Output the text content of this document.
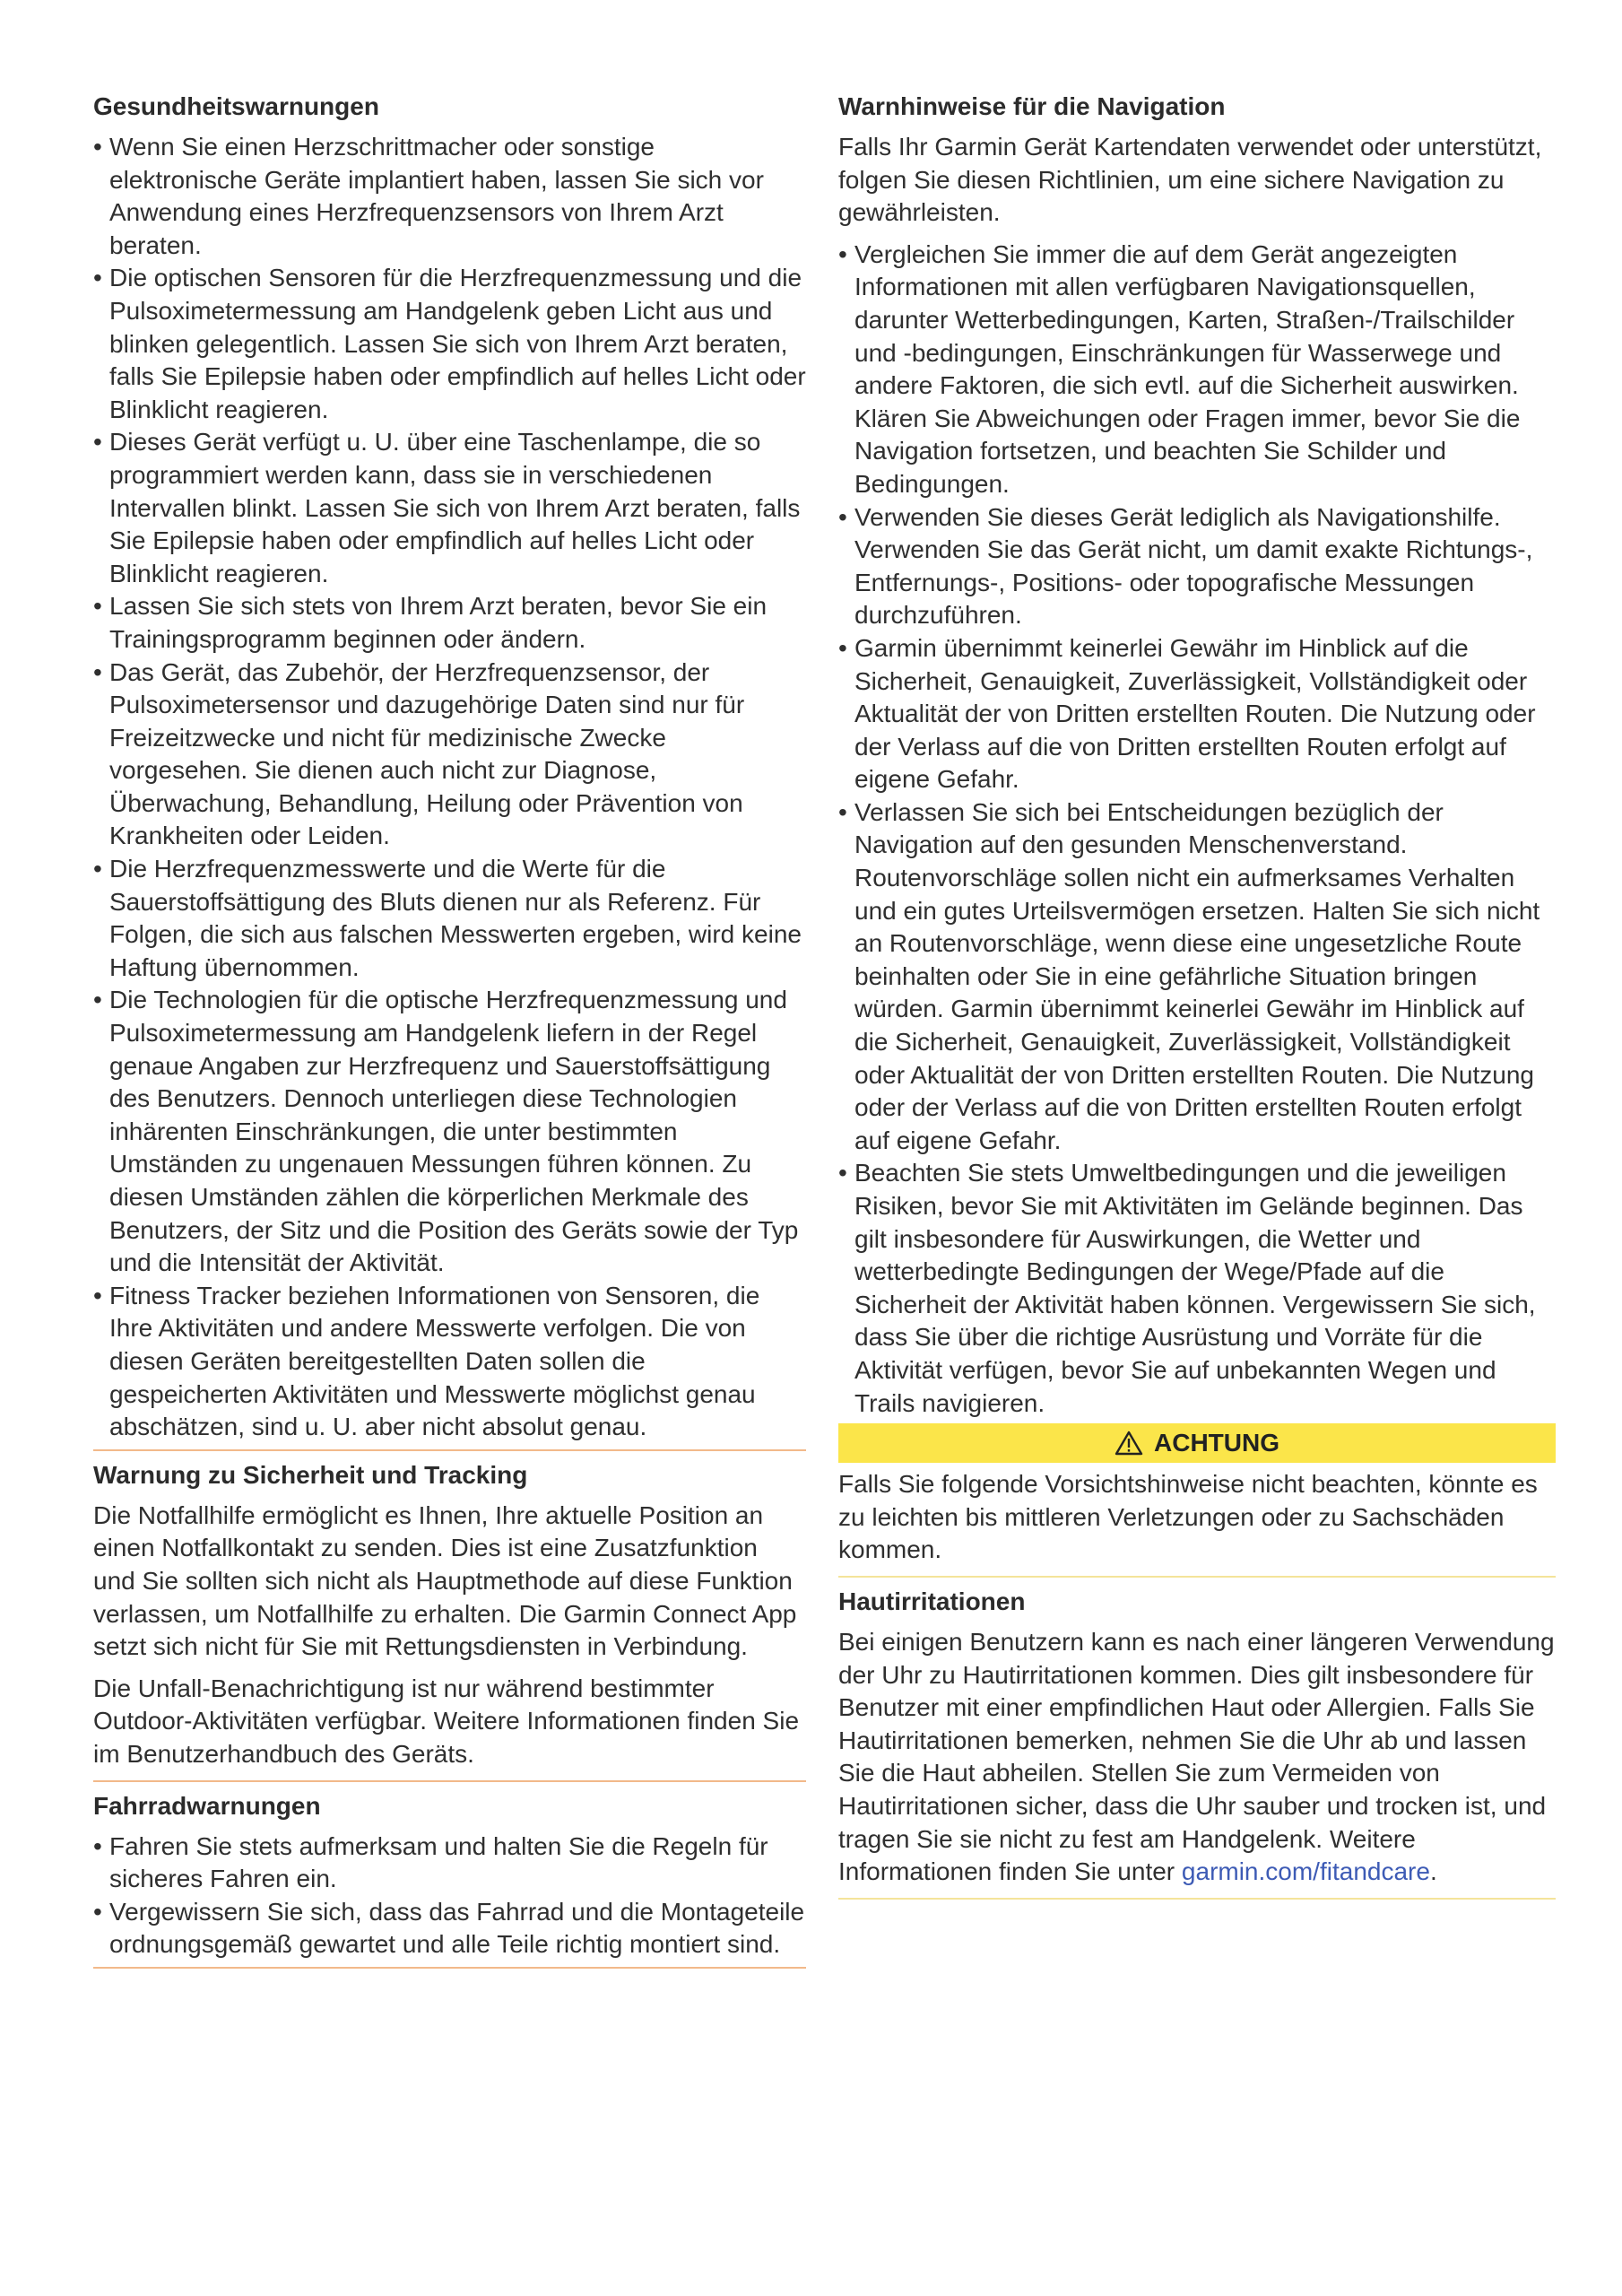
Gesundheitswarnungen
• Wenn Sie einen Herzschrittmacher oder sonstige elektronische Geräte implantiert haben, lassen Sie sich vor Anwendung eines Herzfrequenzsensors von Ihrem Arzt beraten.
• Die optischen Sensoren für die Herzfrequenzmessung und die Pulsoximetermessung am Handgelenk geben Licht aus und blinken gelegentlich. Lassen Sie sich von Ihrem Arzt beraten, falls Sie Epilepsie haben oder empfindlich auf helles Licht oder Blinklicht reagieren.
• Dieses Gerät verfügt u. U. über eine Taschenlampe, die so programmiert werden kann, dass sie in verschiedenen Intervallen blinkt. Lassen Sie sich von Ihrem Arzt beraten, falls Sie Epilepsie haben oder empfindlich auf helles Licht oder Blinklicht reagieren.
• Lassen Sie sich stets von Ihrem Arzt beraten, bevor Sie ein Trainingsprogramm beginnen oder ändern.
• Das Gerät, das Zubehör, der Herzfrequenzsensor, der Pulsoximetersensor und dazugehörige Daten sind nur für Freizeitzwecke und nicht für medizinische Zwecke vorgesehen. Sie dienen auch nicht zur Diagnose, Überwachung, Behandlung, Heilung oder Prävention von Krankheiten oder Leiden.
• Die Herzfrequenzmesswerte und die Werte für die Sauerstoffsättigung des Bluts dienen nur als Referenz. Für Folgen, die sich aus falschen Messwerten ergeben, wird keine Haftung übernommen.
• Die Technologien für die optische Herzfrequenzmessung und Pulsoximetermessung am Handgelenk liefern in der Regel genaue Angaben zur Herzfrequenz und Sauerstoffsättigung des Benutzers. Dennoch unterliegen diese Technologien inhärenten Einschränkungen, die unter bestimmten Umständen zu ungenauen Messungen führen können. Zu diesen Umständen zählen die körperlichen Merkmale des Benutzers, der Sitz und die Position des Geräts sowie der Typ und die Intensität der Aktivität.
• Fitness Tracker beziehen Informationen von Sensoren, die Ihre Aktivitäten und andere Messwerte verfolgen. Die von diesen Geräten bereitgestellten Daten sollen die gespeicherten Aktivitäten und Messwerte möglichst genau abschätzen, sind u. U. aber nicht absolut genau.
Warnung zu Sicherheit und Tracking

Die Notfallhilfe ermöglicht es Ihnen, Ihre aktuelle Position an einen Notfallkontakt zu senden. Dies ist eine Zusatzfunktion und Sie sollten sich nicht als Hauptmethode auf diese Funktion verlassen, um Notfallhilfe zu erhalten. Die Garmin Connect App setzt sich nicht für Sie mit Rettungsdiensten in Verbindung.

Die Unfall-Benachrichtigung ist nur während bestimmter Outdoor-Aktivitäten verfügbar. Weitere Informationen finden Sie im Benutzerhandbuch des Geräts.

Fahrradwarnungen
• Fahren Sie stets aufmerksam und halten Sie die Regeln für sicheres Fahren ein.
• Vergewissern Sie sich, dass das Fahrrad und die Montageteile ordnungsgemäß gewartet und alle Teile richtig montiert sind.
Warnhinweise für die Navigation

Falls Ihr Garmin Gerät Kartendaten verwendet oder unterstützt, folgen Sie diesen Richtlinien, um eine sichere Navigation zu gewährleisten.

• Vergleichen Sie immer die auf dem Gerät angezeigten Informationen mit allen verfügbaren Navigationsquellen, darunter Wetterbedingungen, Karten, Straßen-/Trailschilder und -bedingungen, Einschränkungen für Wasserwege und andere Faktoren, die sich evtl. auf die Sicherheit auswirken. Klären Sie Abweichungen oder Fragen immer, bevor Sie die Navigation fortsetzen, und beachten Sie Schilder und Bedingungen.
• Verwenden Sie dieses Gerät lediglich als Navigationshilfe. Verwenden Sie das Gerät nicht, um damit exakte Richtungs-, Entfernungs-, Positions- oder topografische Messungen durchzuführen.
• Garmin übernimmt keinerlei Gewähr im Hinblick auf die Sicherheit, Genauigkeit, Zuverlässigkeit, Vollständigkeit oder Aktualität der von Dritten erstellten Routen. Die Nutzung oder der Verlass auf die von Dritten erstellten Routen erfolgt auf eigene Gefahr.
• Verlassen Sie sich bei Entscheidungen bezüglich der Navigation auf den gesunden Menschenverstand. Routenvorschläge sollen nicht ein aufmerksames Verhalten und ein gutes Urteilsvermögen ersetzen. Halten Sie sich nicht an Routenvorschläge, wenn diese eine ungesetzliche Route beinhalten oder Sie in eine gefährliche Situation bringen würden. Garmin übernimmt keinerlei Gewähr im Hinblick auf die Sicherheit, Genauigkeit, Zuverlässigkeit, Vollständigkeit oder Aktualität der von Dritten erstellten Routen. Die Nutzung oder der Verlass auf die von Dritten erstellten Routen erfolgt auf eigene Gefahr.
• Beachten Sie stets Umweltbedingungen und die jeweiligen Risiken, bevor Sie mit Aktivitäten im Gelände beginnen. Das gilt insbesondere für Auswirkungen, die Wetter und wetterbedingte Bedingungen der Wege/Pfade auf die Sicherheit der Aktivität haben können. Vergewissern Sie sich, dass Sie über die richtige Ausrüstung und Vorräte für die Aktivität verfügen, bevor Sie auf unbekannten Wegen und Trails navigieren.
ACHTUNG

Falls Sie folgende Vorsichtshinweise nicht beachten, könnte es zu leichten bis mittleren Verletzungen oder zu Sachschäden kommen.

Hautirritationen

Bei einigen Benutzern kann es nach einer längeren Verwendung der Uhr zu Hautirritationen kommen. Dies gilt insbesondere für Benutzer mit einer empfindlichen Haut oder Allergien. Falls Sie Hautirritationen bemerken, nehmen Sie die Uhr ab und lassen Sie die Haut abheilen. Stellen Sie zum Vermeiden von Hautirritationen sicher, dass die Uhr sauber und trocken ist, und tragen Sie sie nicht zu fest am Handgelenk. Weitere Informationen finden Sie unter garmin.com/fitandcare.
